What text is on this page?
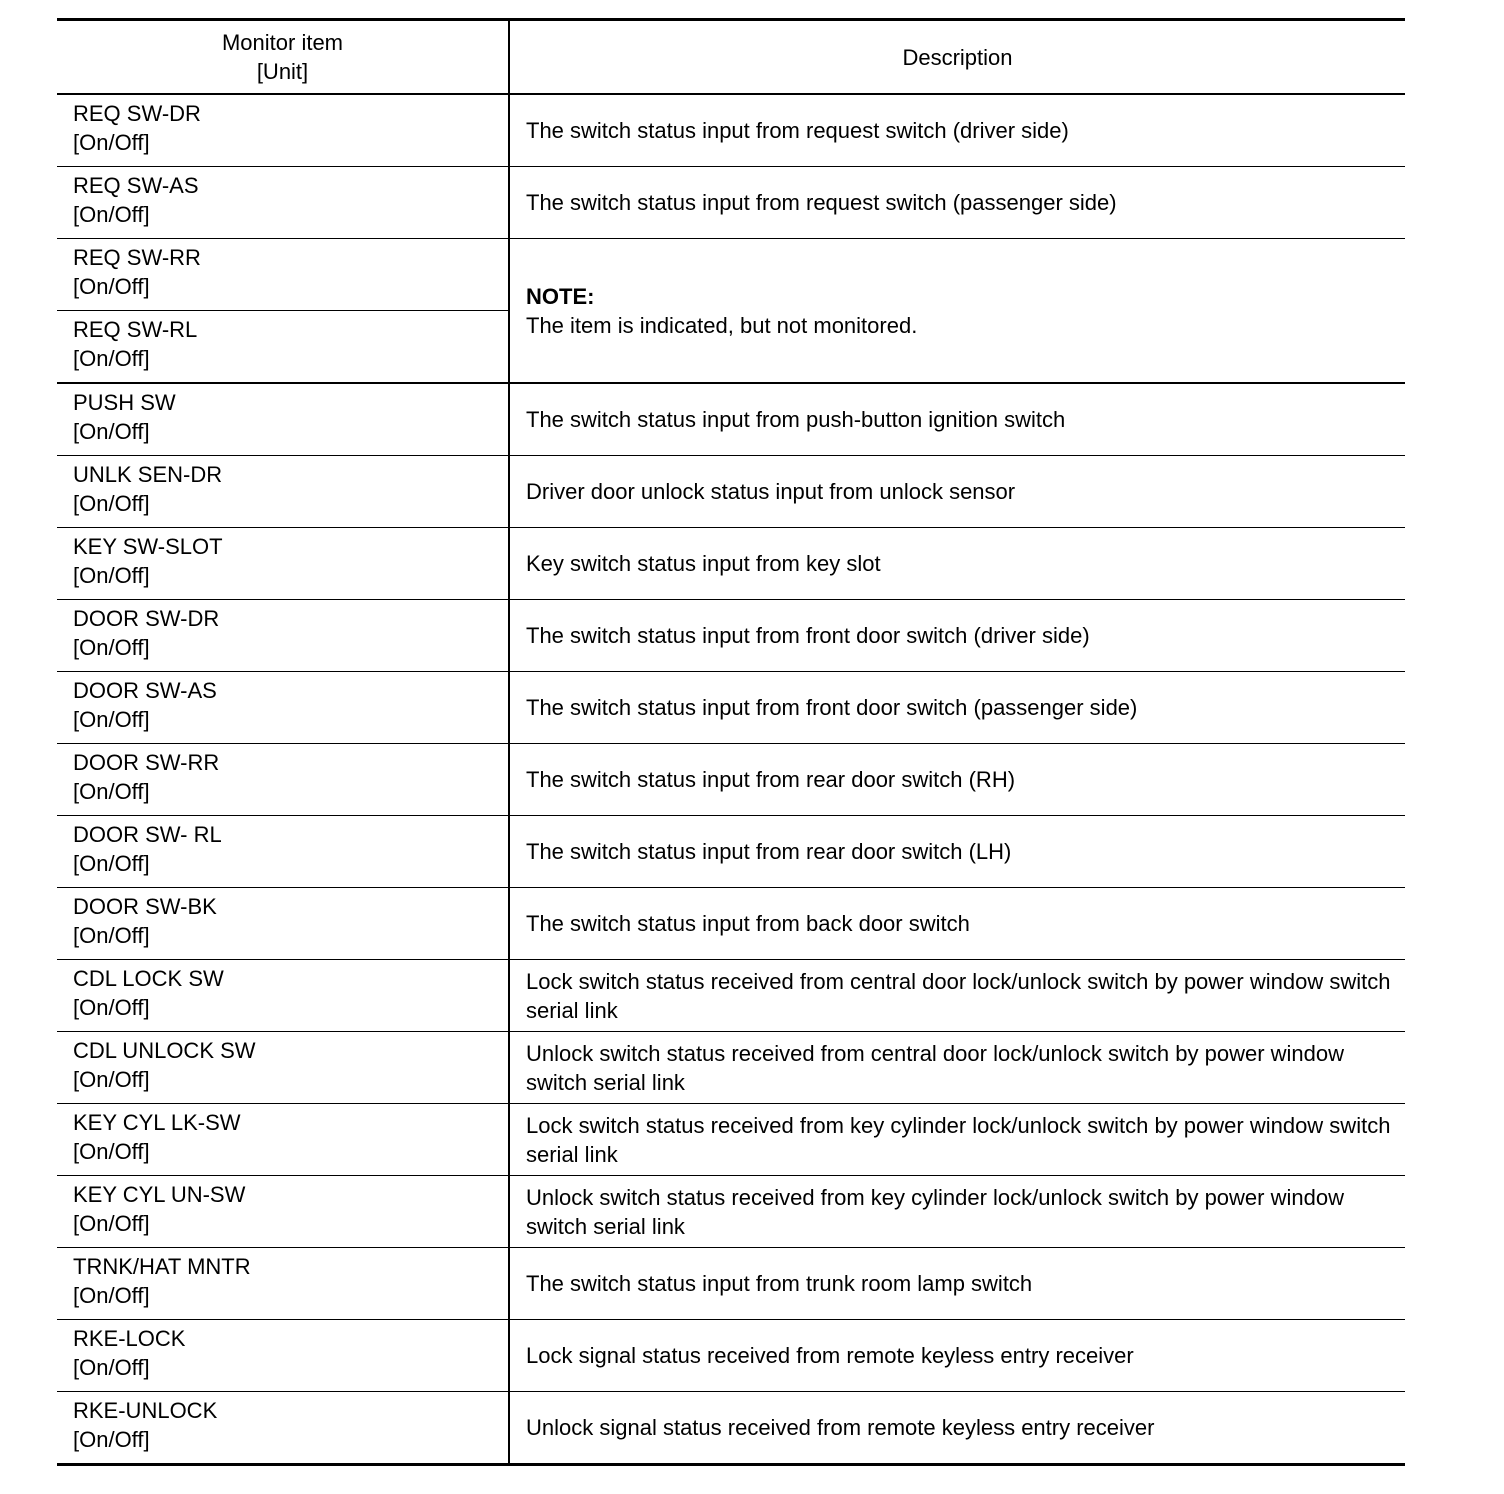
Monitor item
[Unit]	Description

REQ SW-DR
[On/Off]	The switch status input from request switch (driver side)

REQ SW-AS
[On/Off]	The switch status input from request switch (passenger side)

REQ SW-RR
[On/Off]	NOTE:
The item is indicated, but not monitored.

REQ SW-RL
[On/Off]	

PUSH SW
[On/Off]	The switch status input from push-button ignition switch

UNLK SEN-DR
[On/Off]	Driver door unlock status input from unlock sensor

KEY SW-SLOT
[On/Off]	Key switch status input from key slot

DOOR SW-DR
[On/Off]	The switch status input from front door switch (driver side)

DOOR SW-AS
[On/Off]	The switch status input from front door switch (passenger side)

DOOR SW-RR
[On/Off]	The switch status input from rear door switch (RH)

DOOR SW- RL
[On/Off]	The switch status input from rear door switch (LH)

DOOR SW-BK
[On/Off]	The switch status input from back door switch

CDL LOCK SW
[On/Off]	Lock switch status received from central door lock/unlock switch by power window switch serial link

CDL UNLOCK SW
[On/Off]	Unlock switch status received from central door lock/unlock switch by power window switch serial link

KEY CYL LK-SW
[On/Off]	Lock switch status received from key cylinder lock/unlock switch by power window switch serial link

KEY CYL UN-SW
[On/Off]	Unlock switch status received from key cylinder lock/unlock switch by power window switch serial link

TRNK/HAT MNTR
[On/Off]	The switch status input from trunk room lamp switch

RKE-LOCK
[On/Off]	Lock signal status received from remote keyless entry receiver

RKE-UNLOCK
[On/Off]	Unlock signal status received from remote keyless entry receiver
